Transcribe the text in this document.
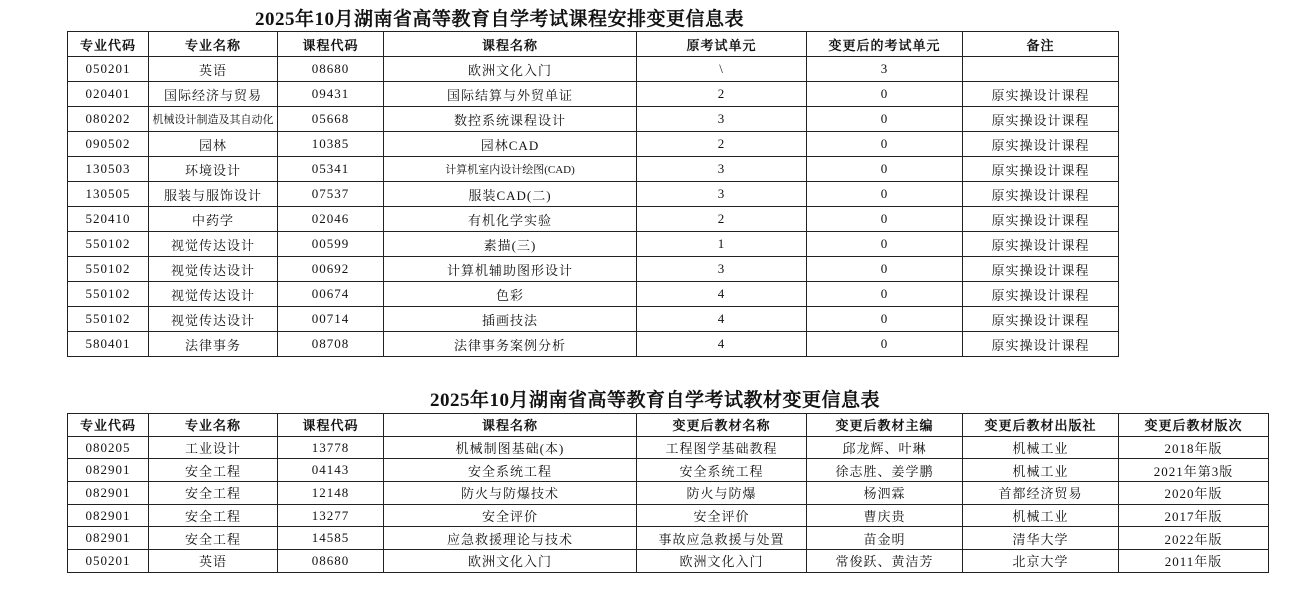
2025年10月湖南省高等教育自学考试课程安排变更信息表
专业代码	专业名称	课程代码	课程名称	原考试单元	变更后的考试单元	备注
050201	英语	08680	欧洲文化入门	\	3	
020401	国际经济与贸易	09431	国际结算与外贸单证	2	0	原实操设计课程
080202	机械设计制造及其自动化	05668	数控系统课程设计	3	0	原实操设计课程
090502	园林	10385	园林CAD	2	0	原实操设计课程
130503	环境设计	05341	计算机室内设计绘图(CAD)	3	0	原实操设计课程
130505	服装与服饰设计	07537	服装CAD(二)	3	0	原实操设计课程
520410	中药学	02046	有机化学实验	2	0	原实操设计课程
550102	视觉传达设计	00599	素描(三)	1	0	原实操设计课程
550102	视觉传达设计	00692	计算机辅助图形设计	3	0	原实操设计课程
550102	视觉传达设计	00674	色彩	4	0	原实操设计课程
550102	视觉传达设计	00714	插画技法	4	0	原实操设计课程
580401	法律事务	08708	法律事务案例分析	4	0	原实操设计课程
2025年10月湖南省高等教育自学考试教材变更信息表
专业代码	专业名称	课程代码	课程名称	变更后教材名称	变更后教材主编	变更后教材出版社	变更后教材版次
080205	工业设计	13778	机械制图基础(本)	工程图学基础教程	邱龙辉、叶琳	机械工业	2018年版
082901	安全工程	04143	安全系统工程	安全系统工程	徐志胜、姜学鹏	机械工业	2021年第3版
082901	安全工程	12148	防火与防爆技术	防火与防爆	杨泗霖	首都经济贸易	2020年版
082901	安全工程	13277	安全评价	安全评价	曹庆贵	机械工业	2017年版
082901	安全工程	14585	应急救援理论与技术	事故应急救援与处置	苗金明	清华大学	2022年版
050201	英语	08680	欧洲文化入门	欧洲文化入门	常俊跃、黄洁芳	北京大学	2011年版
